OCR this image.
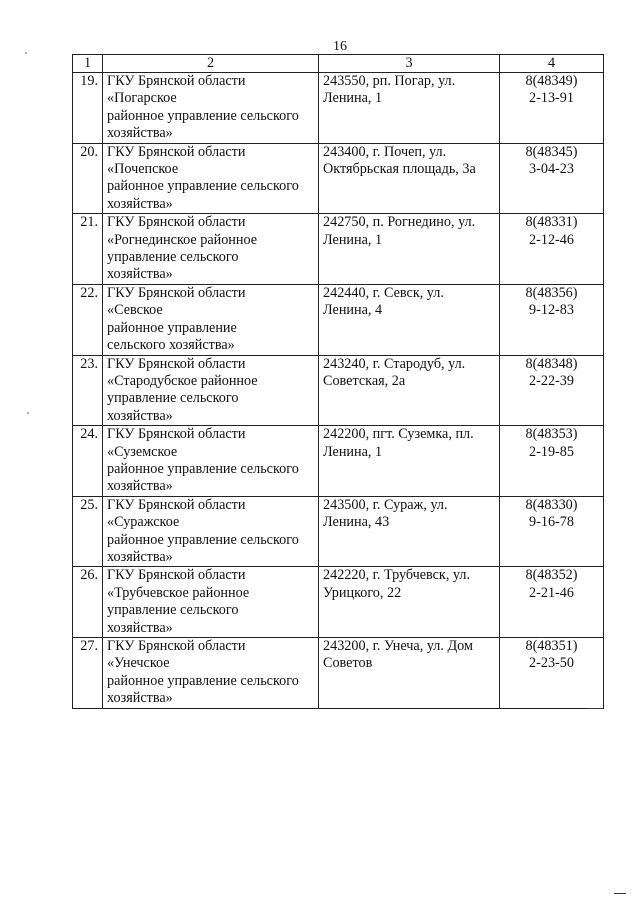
16
1	2	3	4
19.	ГКУ Брянской области
«Погарское
районное управление сельского
хозяйства»	243550, рп. Погар, ул.
Ленина, 1	8(48349)
2-13-91

20.	ГКУ Брянской области
«Почепское
районное управление сельского
хозяйства»	243400, г. Почеп, ул.
Октябрьская площадь, 3а	8(48345)
3-04-23

21.	ГКУ Брянской области
«Рогнединское районное
управление сельского
хозяйства»	242750, п. Рогнедино, ул.
Ленина, 1	8(48331)
2-12-46

22.	ГКУ Брянской области
«Севское
районное управление
сельского хозяйства»	242440, г. Севск, ул.
Ленина, 4	8(48356)
9-12-83

23.	ГКУ Брянской области
«Стародубское районное
управление сельского
хозяйства»	243240, г. Стародуб, ул.
Советская, 2а	8(48348)
2-22-39

24.	ГКУ Брянской области
«Суземское
районное управление сельского
хозяйства»	242200, пгт. Суземка, пл.
Ленина, 1	8(48353)
2-19-85

25.	ГКУ Брянской области
«Суражское
районное управление сельского
хозяйства»	243500, г. Сураж, ул.
Ленина, 43	8(48330)
9-16-78

26.	ГКУ Брянской области
«Трубчевское районное
управление сельского
хозяйства»	242220, г. Трубчевск, ул.
Урицкого, 22	8(48352)
2-21-46

27.	ГКУ Брянской области
«Унечское
районное управление сельского
хозяйства»	243200, г. Унеча, ул. Дом
Советов	8(48351)
2-23-50
